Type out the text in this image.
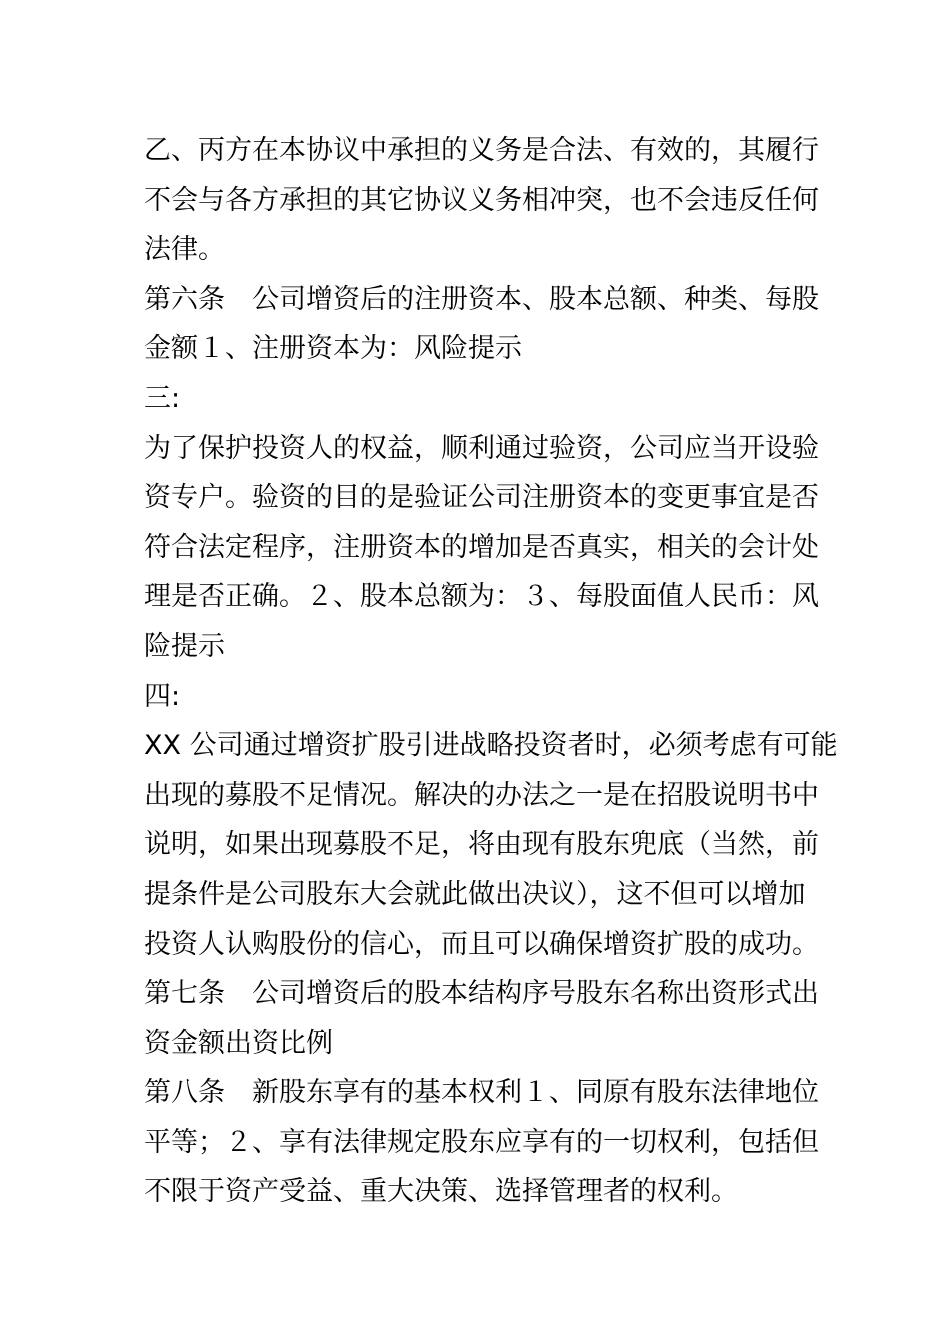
乙、丙方在本协议中承担的义务是合法、有效的，其履行
不会与各方承担的其它协议义务相冲突，也不会违反任何
法律。
第六条　公司增资后的注册资本、股本总额、种类、每股
金额１、注册资本为：风险提示
三:
为了保护投资人的权益，顺利通过验资，公司应当开设验
资专户。验资的目的是验证公司注册资本的变更事宜是否
符合法定程序，注册资本的增加是否真实，相关的会计处
理是否正确。２、股本总额为：３、每股面值人民币：风
险提示
四:
XX 公司通过增资扩股引进战略投资者时，必须考虑有可能
出现的募股不足情况。解决的办法之一是在招股说明书中
说明，如果出现募股不足，将由现有股东兜底（当然，前
提条件是公司股东大会就此做出决议），这不但可以增加
投资人认购股份的信心，而且可以确保增资扩股的成功。
第七条　公司增资后的股本结构序号股东名称出资形式出
资金额出资比例
第八条　新股东享有的基本权利１、同原有股东法律地位
平等；２、享有法律规定股东应享有的一切权利，包括但
不限于资产受益、重大决策、选择管理者的权利。
